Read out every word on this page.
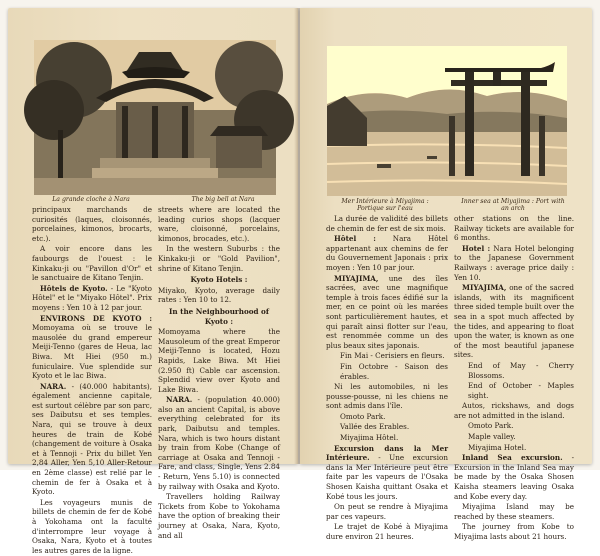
La grande cloche à Nara	The big bell at Nara

principaux marchands de curiosités (laques, cloisonnés, porcelaines, kimonos, brocarts, etc.).

A voir encore dans les faubourgs de l'ouest : le Kinkaku-ji ou "Pavillon d'Or" et le sanctuaire de Kitano Tenjin.

Hôtels de Kyoto. - Le "Kyoto Hôtel" et le "Miyako Hôtel". Prix moyens : Yen 10 à 12 par jour.

ENVIRONS DE KYOTO : Momoyama où se trouve le mausolée du grand empereur Meiji-Tenno (gares de Heua, lac Biwa. Mt Hiei (950 m.) funiculaire. Vue splendide sur Kyoto et le lac Biwa.

NARA. - (40.000 habitants), également ancienne capitale, est surtout célèbre par son parc, ses Daibutsu et ses temples. Nara, qui se trouve à deux heures de train de Kobé (changement de voiture à Osaka et à Tennoji - Prix du billet Yen 2,84 Aller, Yen 5,10 Aller-Retour en 2ème classe) est relié par le chemin de fer à Osaka et à Kyoto.

Les voyageurs munis de billets de chemin de fer de Kobé à Yokohama ont la faculté d'interrompre leur voyage à Osaka, Nara, Kyoto et à toutes les autres gares de la ligne.

streets where are located the leading curios shops (lacquer ware, cloisonné, porcelains, kimonos, brocades, etc.).

In the western Suburbs : the Kinkaku-ji or "Gold Pavilion", shrine of Kitano Tenjin.

Kyoto Hotels :

Miyako, Kyoto, average daily rates : Yen 10 to 12.

In the Neighbourhood of Kyoto :

Momoyama where the Mausoleum of the great Emperor Meiji-Tenno is located, Hozu Rapids, Lake Biwa. Mt Hiei (2.950 ft) Cable car ascension. Splendid view over Kyoto and Lake Biwa.

NARA. - (population 40.000) also an ancient Capital, is above everything celebrated for its park, Daibutsu and temples. Nara, which is two hours distant by train from Kobe (Change of carriage at Osaka and Tennoji - Fare, and class, Single, Yens 2.84 - Return, Yens 5.10) is connected by railway with Osaka and Kyoto.

Travellers holding Railway Tickets from Kobe to Yokohama have the option of breaking their journey at Osaka, Nara, Kyoto, and all

Mer Intérieure à Miyajima : Portique sur l'eau
Inner sea at Miyajima : Port with an arch

La durée de validité des billets de chemin de fer est de six mois.

Hôtel : Nara Hôtel appartenant aux chemins de fer du Gouvernement Japonais : prix moyen : Yen 10 par jour.

MIYAJIMA, une des îles sacrées, avec une magnifique temple à trois faces édifié sur la mer, en ce point où les marées sont particulièrement hautes, et qui paraît ainsi flotter sur l'eau, est renommée comme un des plus beaux sites japonais.

Fin Mai - Cerisiers en fleurs.

Fin Octobre - Saison des érables.

Ni les automobiles, ni les pousse-pousse, ni les chiens ne sont admis dans l'île.

Omoto Park.

Vallée des Erables.

Miyajima Hôtel.

Excursion dans la Mer Intérieure. - Une excursion dans la Mer Intérieure peut être faite par les vapeurs de l'Osaka Shosen Kaisha quittant Osaka et Kobé tous les jours.

On peut se rendre à Miyajima par ces vapeurs.

Le trajet de Kobé à Miyajima dure environ 21 heures.

other stations on the line. Railway tickets are available for 6 months.

Hotel : Nara Hotel belonging to the Japanese Government Railways : average price daily : Yen 10.

MIYAJIMA, one of the sacred islands, with its magnificent three sided temple built over the sea in a spot much affected by the tides, and appearing to float upon the water, is known as one of the most beautiful japanese sites.

End of May - Cherry Blossoms.

End of October - Maples sight.

Autos, rickshaws, and dogs are not admitted in the island.

Omoto Park.

Maple valley.

Miyajima Hotel.

Inland Sea excursion. - Excursion in the Inland Sea may be made by the Osaka Shosen Kaisha steamers leaving Osaka and Kobe every day.

Miyajima Island may be reached by these steamers.

The journey from Kobe to Miyajima lasts about 21 hours.
